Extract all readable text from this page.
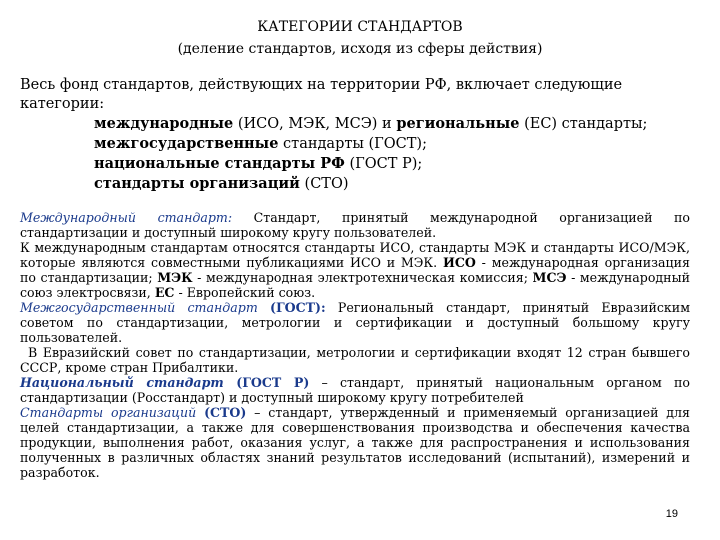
КАТЕГОРИИ СТАНДАРТОВ
(деление стандартов, исходя из сферы действия)
Весь фонд стандартов, действующих на территории РФ, включает следующие категории:
международные (ИСО, МЭК, МСЭ) и региональные (ЕС) стандарты;
межгосударственные стандарты (ГОСТ);
национальные стандарты РФ (ГОСТ Р);
стандарты организаций (СТО)

Международный стандарт: Стандарт, принятый международной организацией по стандартизации и доступный широкому кругу пользователей.

К международным стандартам относятся стандарты ИСО, стандарты МЭК и стандарты ИСО/МЭК, которые являются совместными публикациями ИСО и МЭК. ИСО - международная организация по стандартизации; МЭК - международная электротехническая комиссия; МСЭ - международный союз электросвязи, ЕС - Европейский союз.

Межгосударственный стандарт (ГОСТ): Региональный стандарт, принятый Евразийским советом по стандартизации, метрологии и сертификации и доступный большому кругу пользователей.

В Евразийский совет по стандартизации, метрологии и сертификации входят 12 стран бывшего СССР, кроме стран Прибалтики.

Национальный стандарт (ГОСТ Р) – стандарт, принятый национальным органом по стандартизации (Росстандарт) и доступный широкому кругу потребителей

Стандарты организаций (СТО) – стандарт, утвержденный и применяемый организацией для целей стандартизации, а также для совершенствования производства и обеспечения качества продукции, выполнения работ, оказания услуг, а также для распространения и использования полученных в различных областях знаний результатов исследований (испытаний), измерений и разработок.

19
